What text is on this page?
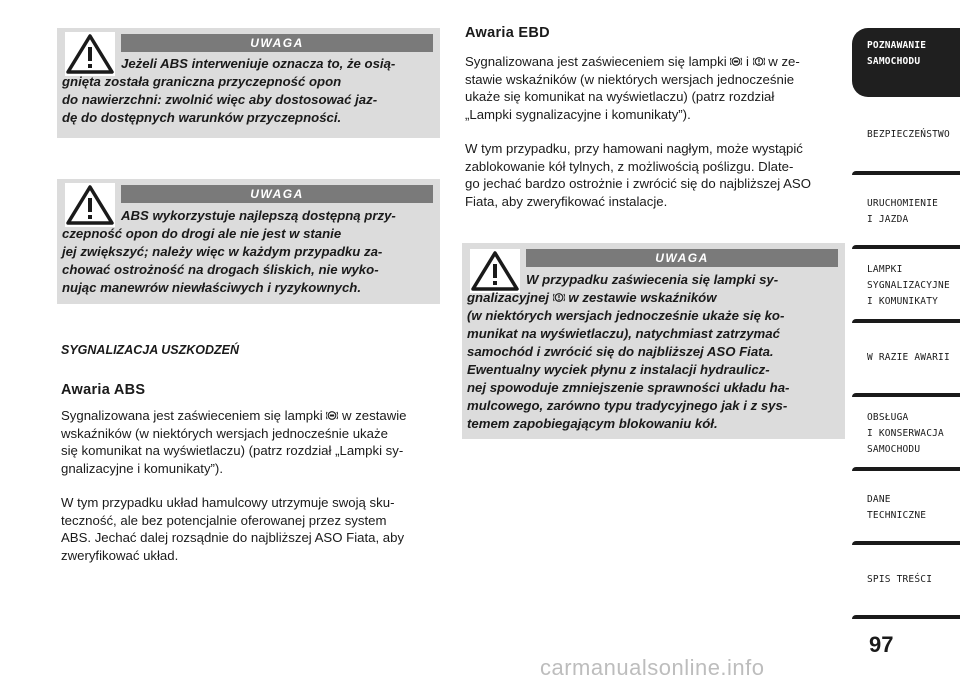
UWAGA

Jeżeli ABS interweniuje oznacza to, że osią-
gnięta została graniczna przyczepność opon
do nawierzchni: zwolnić więc aby dostosować jaz-
dę do dostępnych warunków przyczepności.

UWAGA

ABS wykorzystuje najlepszą dostępną przy-
czepność opon do drogi ale nie jest w stanie
jej zwiększyć; należy więc w każdym przypadku za-
chować ostrożność na drogach śliskich, nie wyko-
nując manewrów niewłaściwych i ryzykownych.

SYGNALIZACJA USZKODZEŃ

Awaria ABS

Sygnalizowana jest zaświeceniem się lampki  w zestawie
wskaźników (w niektórych wersjach jednocześnie ukaże
się komunikat na wyświetlaczu) (patrz rozdział „Lampki sy-
gnalizacyjne i komunikaty”).

W tym przypadku układ hamulcowy utrzymuje swoją sku-
teczność, ale bez potencjalnie oferowanej przez system
ABS. Jechać dalej rozsądnie do najbliższej ASO Fiata, aby
zweryfikować układ.

Awaria EBD

Sygnalizowana jest zaświeceniem się lampki  i  w ze-
stawie wskaźników (w niektórych wersjach jednocześnie
ukaże się komunikat na wyświetlaczu) (patrz rozdział
„Lampki sygnalizacyjne i komunikaty”).

W tym przypadku, przy hamowani nagłym, może wystąpić
zablokowanie kół tylnych, z możliwością poślizgu. Dlate-
go jechać bardzo ostrożnie i zwrócić się do najbliższej ASO
Fiata, aby zweryfikować instalacje.

UWAGA

W przypadku zaświecenia się lampki sy-
gnalizacyjnej  w zestawie wskaźników
(w niektórych wersjach jednocześnie ukaże się ko-
munikat na wyświetlaczu), natychmiast zatrzymać
samochód i zwrócić się do najbliższej ASO Fiata.
Ewentualny wyciek płynu z instalacji hydraulicz-
nej spowoduje zmniejszenie sprawności układu ha-
mulcowego, zarówno typu tradycyjnego jak i z sys-
temem zapobiegającym blokowaniu kół.

POZNAWANIE
SAMOCHODU
BEZPIECZEŃSTWO
URUCHOMIENIE
I JAZDA
LAMPKI
SYGNALIZACYJNE
I KOMUNIKATY
W RAZIE AWARII
OBSŁUGA
I KONSERWACJA
SAMOCHODU
DANE
TECHNICZNE
SPIS TREŚCI
97
carmanualsonline.info
